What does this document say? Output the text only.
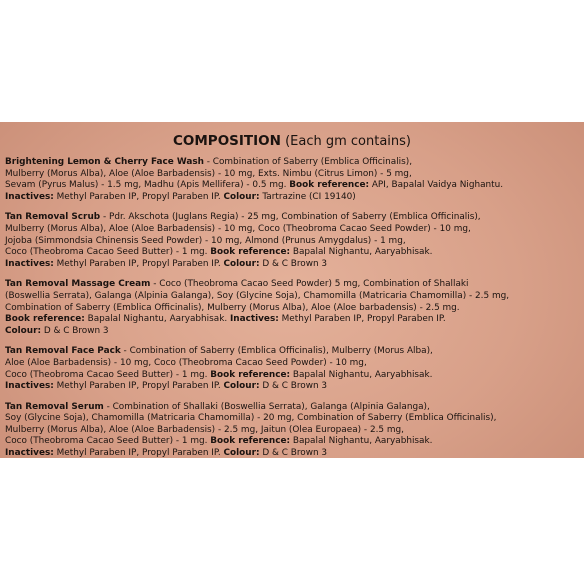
COMPOSITION (Each gm contains)
Brightening Lemon & Cherry Face Wash - Combination of Saberry (Emblica Officinalis),
Mulberry (Morus Alba), Aloe (Aloe Barbadensis) - 10 mg, Exts. Nimbu (Citrus Limon) - 5 mg,
Sevam (Pyrus Malus) - 1.5 mg, Madhu (Apis Mellifera) - 0.5 mg. Book reference: API, Bapalal Vaidya Nighantu.
Inactives: Methyl Paraben IP, Propyl Paraben IP. Colour: Tartrazine (CI 19140)
Tan Removal Scrub - Pdr. Akschota (Juglans Regia) - 25 mg, Combination of Saberry (Emblica Officinalis),
Mulberry (Morus Alba), Aloe (Aloe Barbadensis) - 10 mg, Coco (Theobroma Cacao Seed Powder) - 10 mg,
Jojoba (Simmondsia Chinensis Seed Powder) - 10 mg, Almond (Prunus Amygdalus) - 1 mg,
Coco (Theobroma Cacao Seed Butter) - 1 mg. Book reference: Bapalal Nighantu, Aaryabhisak.
Inactives: Methyl Paraben IP, Propyl Paraben IP. Colour: D & C Brown 3
Tan Removal Massage Cream - Coco (Theobroma Cacao Seed Powder) 5 mg, Combination of Shallaki
(Boswellia Serrata), Galanga (Alpinia Galanga), Soy (Glycine Soja), Chamomilla (Matricaria Chamomilla) - 2.5 mg,
Combination of Saberry (Emblica Officinalis), Mulberry (Morus Alba), Aloe (Aloe barbadensis) - 2.5 mg.
Book reference: Bapalal Nighantu, Aaryabhisak. Inactives: Methyl Paraben IP, Propyl Paraben IP.
Colour: D & C Brown 3
Tan Removal Face Pack - Combination of Saberry (Emblica Officinalis), Mulberry (Morus Alba),
Aloe (Aloe Barbadensis) - 10 mg, Coco (Theobroma Cacao Seed Powder) - 10 mg,
Coco (Theobroma Cacao Seed Butter) - 1 mg. Book reference: Bapalal Nighantu, Aaryabhisak.
Inactives: Methyl Paraben IP, Propyl Paraben IP. Colour: D & C Brown 3
Tan Removal Serum - Combination of Shallaki (Boswellia Serrata), Galanga (Alpinia Galanga),
Soy (Glycine Soja), Chamomilla (Matricaria Chamomilla) - 20 mg, Combination of Saberry (Emblica Officinalis),
Mulberry (Morus Alba), Aloe (Aloe Barbadensis) - 2.5 mg, Jaitun (Olea Europaea) - 2.5 mg,
Coco (Theobroma Cacao Seed Butter) - 1 mg. Book reference: Bapalal Nighantu, Aaryabhisak.
Inactives: Methyl Paraben IP, Propyl Paraben IP. Colour: D & C Brown 3
